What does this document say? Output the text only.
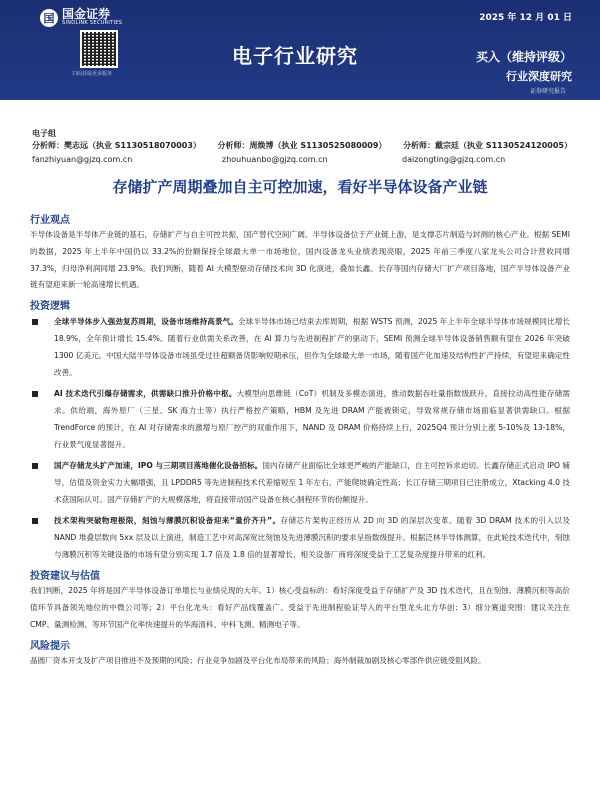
国 国金证券
SINOLINK SECURITIES
扫码获取更多服务
2025 年 12 月 01 日
电子行业研究	买入（维持评级）
行业深度研究
证券研究报告
电子组
分析师：樊志远（执业 S1130518070003） 分析师：周焕博（执业 S1130525080009） 分析师：戴宗廷（执业 S1130524120005）
fanzhiyuan@gjzq.com.cn	zhouhuanbo@gjzq.com.cn	daizongting@gjzq.com.cn
存储扩产周期叠加自主可控加速，看好半导体设备产业链
行业观点
半导体设备是半导体产业链的基石，存储扩产与自主可控共振，国产替代空间广阔。半导体设备位于产业链上游，是支撑芯片制造与封测的核心产业。根据 SEMI 的数据，2025 年上半年中国仍以 33.2%的份额保持全球最大单一市场地位，国内设备龙头业绩表现亮眼，2025 年前三季度八家龙头公司合计营收同增 37.3%，归母净利润同增 23.9%。我们判断，随着 AI 大模型驱动存储技术向 3D 化演进，叠加长鑫、长存等国内存储大厂扩产项目落地，国产半导体设备产业链有望迎来新一轮高速增长机遇。
投资逻辑
全球半导体步入强劲复苏周期，设备市场维持高景气。全球半导体市场已结束去库周期，根据 WSTS 预测，2025 年上半年全球半导体市场规模同比增长 18.9%，全年预计增长 15.4%。随着行业供需关系改善，在 AI 算力与先进制程扩产的驱动下，SEMI 预测全球半导体设备销售额有望在 2026 年突破 1300 亿美元。中国大陆半导体设备市场虽受过往超额备货影响短期承压，但作为全球最大单一市场，随着国产化加速及结构性扩产持续，有望迎来确定性改善。
AI 技术迭代引爆存储需求，供需缺口推升价格中枢。大模型向思维链（CoT）机制及多模态演进，推动数据吞吐量指数级跃升，直接拉动高性能存储需求。供给端，海外原厂（三星、SK 海力士等）执行严格控产策略，HBM 及先进 DRAM 产能被锁定，导致常规存储市场面临显著供需缺口。根据 TrendForce 的预计，在 AI 对存储需求的激增与原厂控产的双重作用下，NAND 及 DRAM 价格持续上行，2025Q4 预计分别上涨 5-10%及 13-18%，行业景气度显著提升。
国产存储龙头扩产加速，IPO 与三期项目落地催化设备招标。国内存储产业面临比全球更严峻的产能缺口，自主可控诉求迫切。长鑫存储正式启动 IPO 辅导，估值及资金实力大幅增强，且 LPDDR5 等先进制程技术代差缩短至 1 年左右，产能爬坡确定性高；长江存储三期项目已注册成立，Xtacking 4.0 技术获国际认可。国产存储扩产的大规模落地，将直接带动国产设备在核心制程环节的份额提升。
技术架构突破物理极限，刻蚀与薄膜沉积设备迎来“量价齐升”。存储芯片架构正经历从 2D 向 3D 的深层次变革。随着 3D DRAM 技术的引入以及 NAND 堆叠层数向 5xx 层及以上演进，制造工艺中对高深宽比刻蚀及先进薄膜沉积的要求呈指数级提升。根据泛林半导体测算，在此轮技术迭代中，刻蚀与薄膜沉积等关键设备的市场有望分别实现 1.7 倍及 1.8 倍的显著增长，相关设备厂商将深度受益于工艺复杂度提升带来的红利。
投资建议与估值
我们判断，2025 年将是国产半导体设备订单增长与业绩兑现的大年。1）核心受益标的：看好深度受益于存储扩产及 3D 技术迭代，且在刻蚀、薄膜沉积等高价值环节具备领先地位的中微公司等；2）平台化龙头：看好产品线覆盖广、受益于先进制程验证导入的平台型龙头北方华创；3）细分赛道突围：建议关注在 CMP、量测检测、等环节国产化率快速提升的华海清科、中科飞测、精测电子等。
风险提示
晶圆厂资本开支及扩产项目推进不及预期的风险；行业竞争加剧及平台化布局带来的风险；海外制裁加剧及核心零部件供应链受阻风险。
